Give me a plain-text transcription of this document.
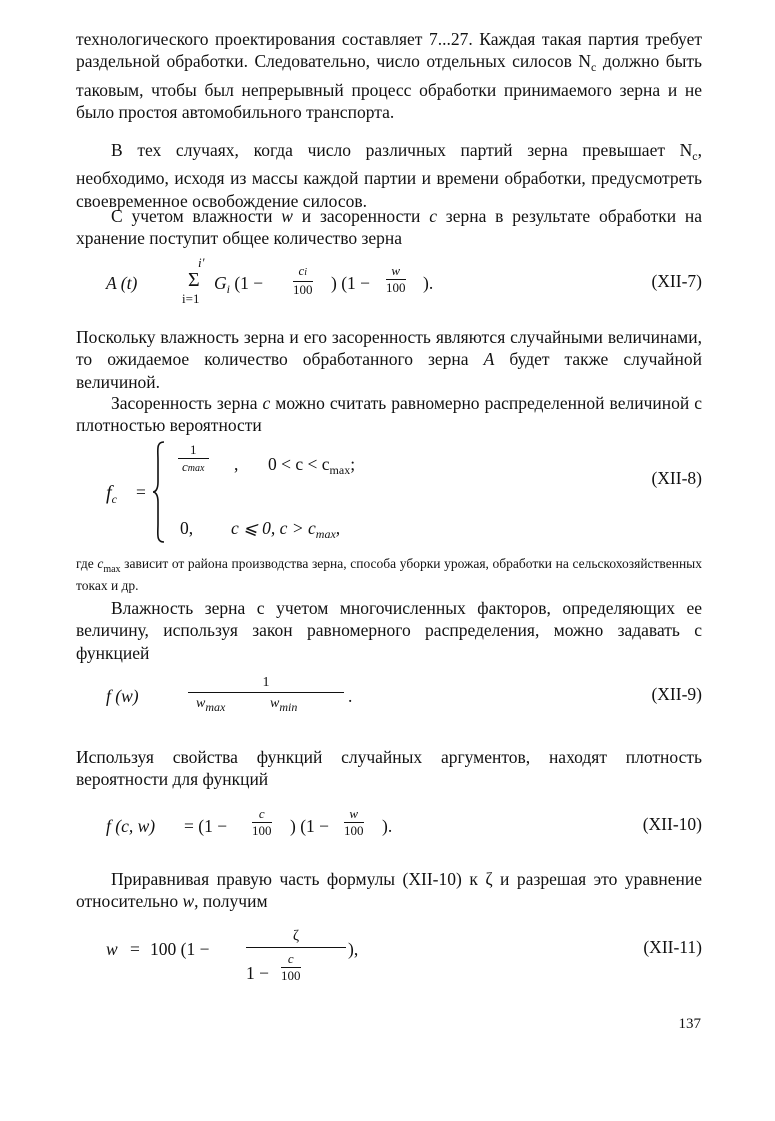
технологического проектирования составляет 7...27. Каждая такая партия требует раздельной обработки. Следовательно, число отдельных силосов $N_с$ должно быть таковым, чтобы был непрерывный процесс обработки принимаемого зерна и не было простоя автомобильного транспорта.

В тех случаях, когда число различных партий зерна превышает $N_с$, необходимо, исходя из массы каждой партии и времени обработки, предусмотреть своевременное освобождение силосов.

С учетом влажности w и засоренности c зерна в результате обработки на хранение поступит общее количество зерна

A (t)
i'
Σ
i=1
$G_i$ ($1 - \frac{ci}{100}$ ) ($1 - \frac{w}{100}$ ).	(XII-7)

Поскольку влажность зерна и его засоренность являются случайными величинами, то ожидаемое количество обработанного зерна A будет также случайной величиной.

Засоренность зерна c можно считать равномерно распределенной величиной с плотностью вероятности

$f_c$ =
1
cmax , $0 < c < c_{max}$;
0, c ⩽ 0, $c > c_{max}$,
(XII-8)

где $c_{max}$ зависит от района производства зерна, способа уборки урожая, обработки на сельскохозяйственных токах и др.

Влажность зерна с учетом многочисленных факторов, определяющих ее величину, используя закон равномерного распределения, можно задавать с функцией

f (w)
1
.
wmax	wmin
(XII-9)

Используя свойства функций случайных аргументов, находят плотность вероятности для функций

f (c, $w) = (1 - \frac{c}{100}$ ) ($1 - \frac{w}{100}$ ).	(XII-10)

Приравнивая правую часть формулы (XII-10) к ζ и разрешая это уравнение относительно w, получим

w = 100 (1 −
ζ
),
$1 - \frac{c}{100}$
(XII-11)
137
